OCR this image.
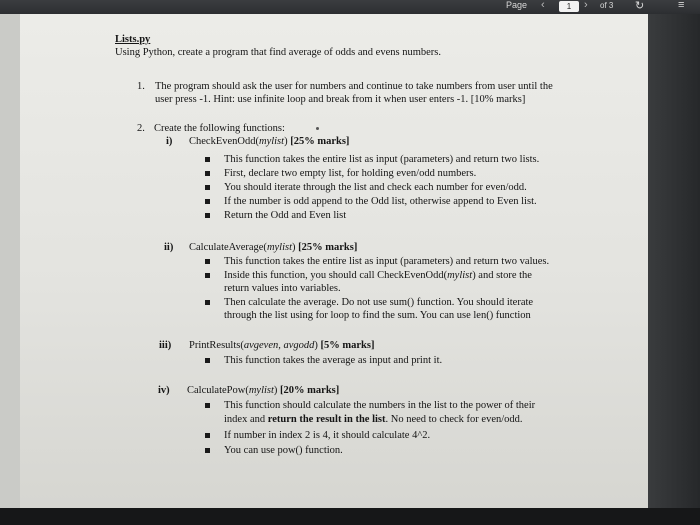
Page ‹	1	› of 3 ↻	≡
Lists.py
Using Python, create a program that find average of odds and evens numbers.
1. The program should ask the user for numbers and continue to take numbers from user until the
user press -1. Hint: use infinite loop and break from it when user enters -1. [10% marks]
2. Create the following functions:
i) CheckEvenOdd(mylist) [25% marks]
This function takes the entire list as input (parameters) and return two lists.
First, declare two empty list, for holding even/odd numbers.
You should iterate through the list and check each number for even/odd.
If the number is odd append to the Odd list, otherwise append to Even list.
Return the Odd and Even list
ii) CalculateAverage(mylist) [25% marks]
This function takes the entire list as input (parameters) and return two values.
Inside this function, you should call CheckEvenOdd(mylist) and store the
return values into variables.
Then calculate the average. Do not use sum() function. You should iterate
through the list using for loop to find the sum. You can use len() function
iii) PrintResults(avgeven, avgodd) [5% marks]
This function takes the average as input and print it.
iv) CalculatePow(mylist) [20% marks]
This function should calculate the numbers in the list to the power of their
index and return the result in the list. No need to check for even/odd.
If number in index 2 is 4, it should calculate 4^2.
You can use pow() function.
